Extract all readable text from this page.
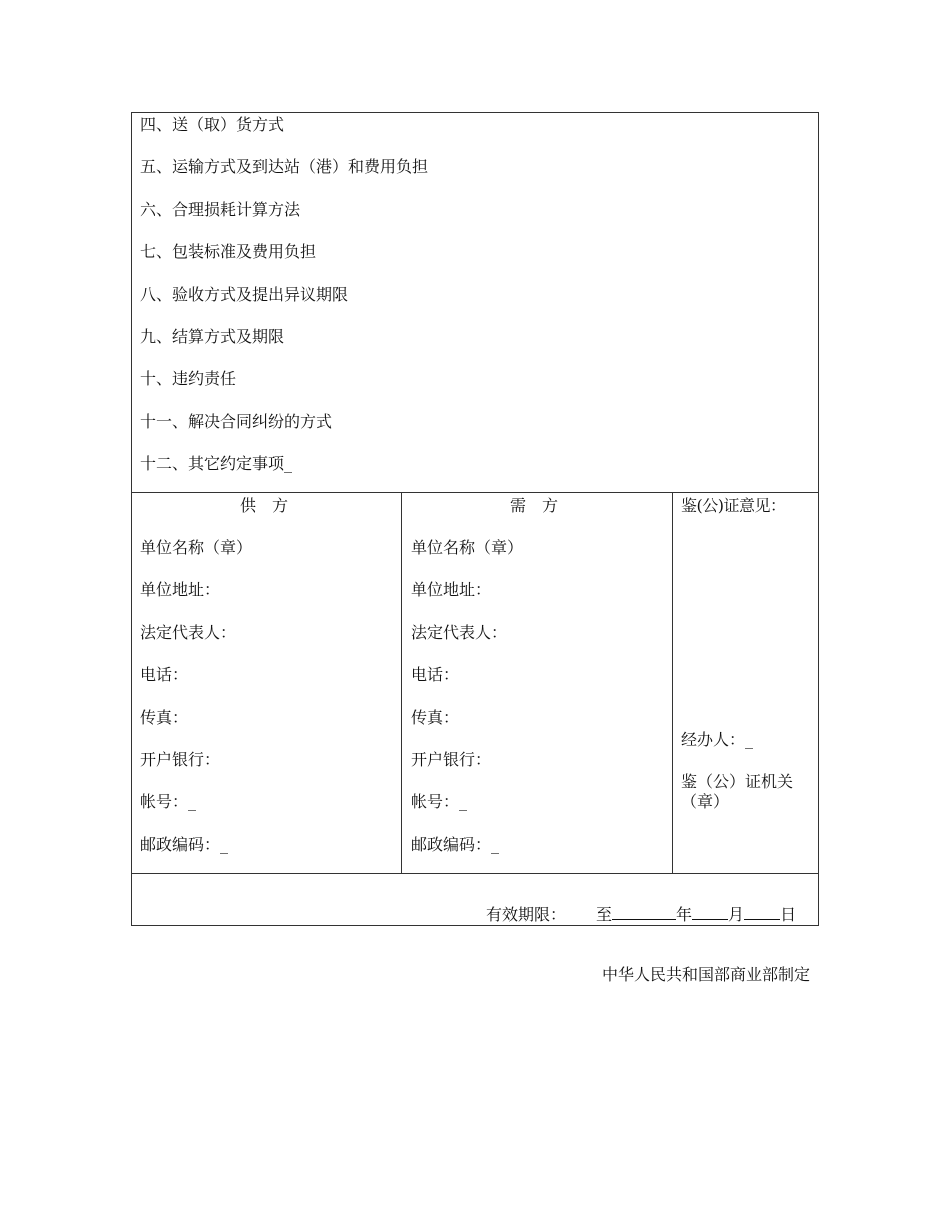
四、送（取）货方式
五、运输方式及到达站（港）和费用负担
六、合理损耗计算方法
七、包装标准及费用负担
八、验收方式及提出异议期限
九、结算方式及期限
十、违约责任
十一、解决合同纠纷的方式
十二、其它约定事项_
供　方	需　方
单位名称（章）
单位地址：
法定代表人：
电话：
传真：
开户银行：
帐号：_
邮政编码：_
单位名称（章）
单位地址：
法定代表人：
电话：
传真：
开户银行：
帐号：_
邮政编码：_
鉴(公)证意见：
经办人：_
鉴（公）证机关
（章）
有效期限： 至	年 月 日
中华人民共和国部商业部制定
